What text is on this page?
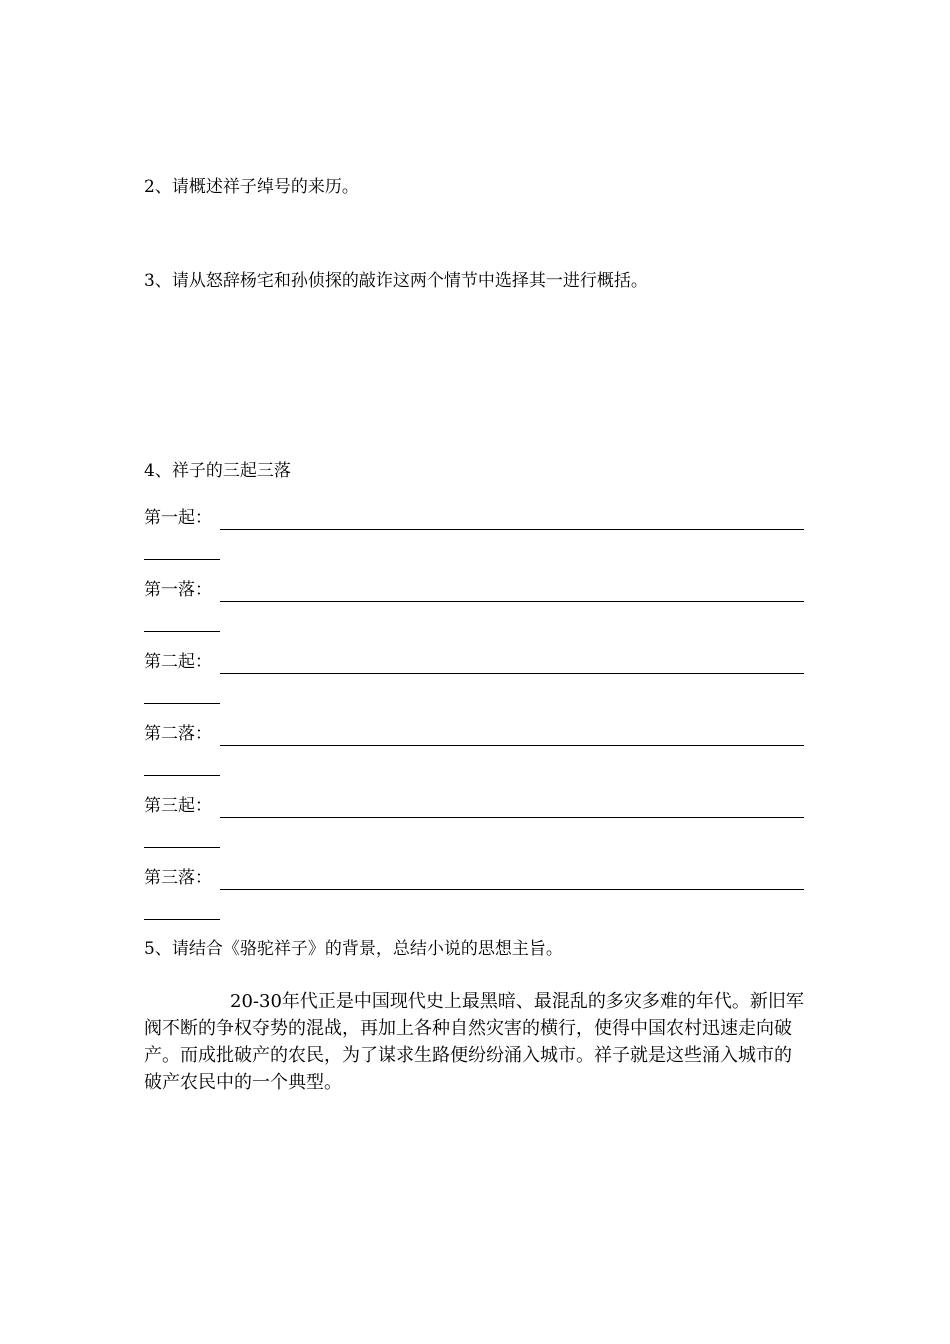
2、请概述祥子绰号的来历。
3、请从怒辞杨宅和孙侦探的敲诈这两个情节中选择其一进行概括。
4、祥子的三起三落
第一起：
第一落：
第二起：
第二落：
第三起：
第三落：
5、请结合《骆驼祥子》的背景，总结小说的思想主旨。
20-30年代正是中国现代史上最黑暗、最混乱的多灾多难的年代。新旧军阀不断的争权夺势的混战，再加上各种自然灾害的横行，使得中国农村迅速走向破产。而成批破产的农民，为了谋求生路便纷纷涌入城市。祥子就是这些涌入城市的破产农民中的一个典型。
